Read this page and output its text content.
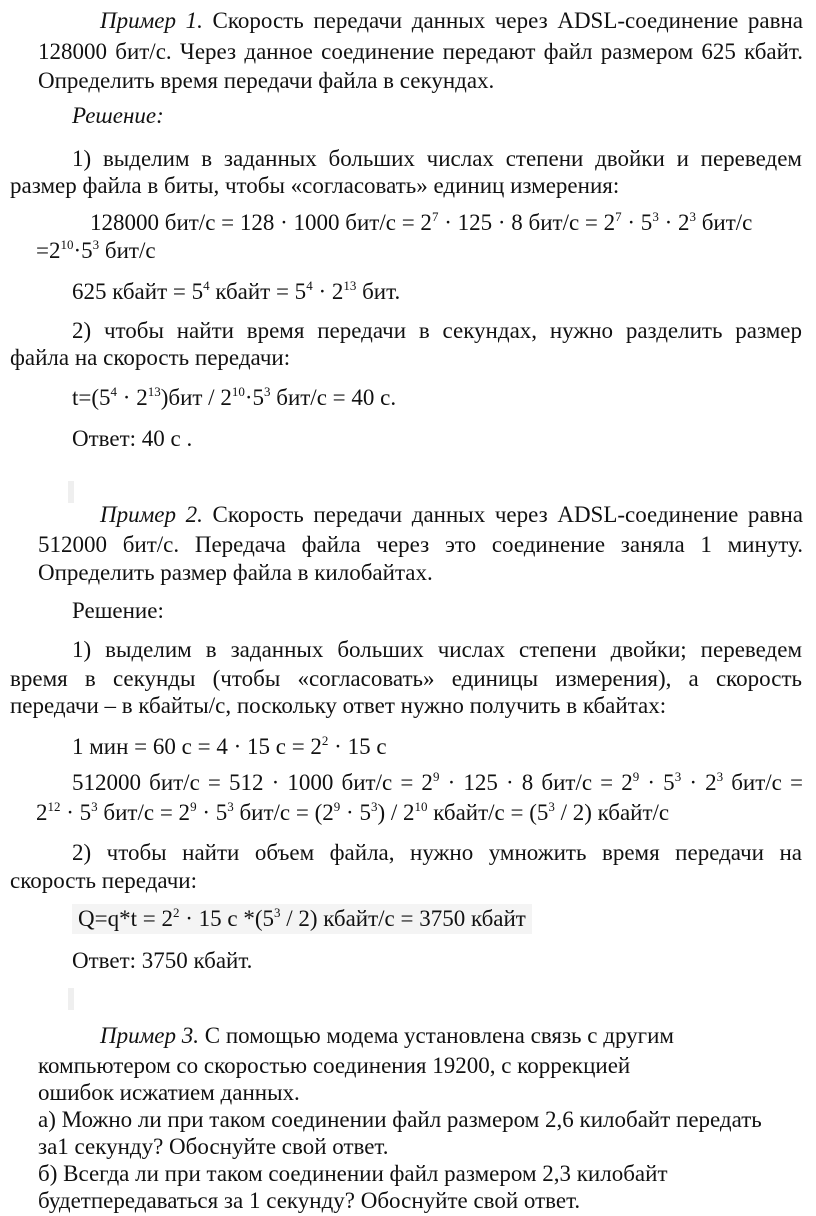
Пример 1. Скорость передачи данных через ADSL-соединение равна
128000 бит/с. Через данное соединение передают файл размером 625 кбайт.
Определить время передачи файла в секундах.
Решение:
1) выделим в заданных больших числах степени двойки и переведем
размер файла в биты, чтобы «согласовать» единиц измерения:
128000 бит/с = 128 · 1000 $бит/с = 2^7 \cdot 125 \cdot 8$ $бит/с = 2^7 \cdot 5^3 \cdot 2^3$ бит/с
$=2^{10}\cdot 5^3$ бит/с
625 кбайт = $5^4$ кбайт = $5^4 \cdot 2^{13}$ бит.
2) чтобы найти время передачи в секундах, нужно разделить размер
файла на скорость передачи:
$t=(5^4 \cdot 2^{13})бит / 2^{10}\cdot 5^3$ бит/с = 40 с.
Ответ: 40 с .
Пример 2. Скорость передачи данных через ADSL-соединение равна
512000 бит/с. Передача файла через это соединение заняла 1 минуту.
Определить размер файла в килобайтах.
Решение:
1) выделим в заданных больших числах степени двойки; переведем
время в секунды (чтобы «согласовать» единицы измерения), а скорость
передачи – в кбайты/с, поскольку ответ нужно получить в кбайтах:
1 мин = 60 с = 4 · 15 $с = 2^2 \cdot 15$ с
512000 бит/с = 512 · 1000 $бит/с = 2^9 \cdot 125 \cdot 8$ $бит/с = 2^9 \cdot 5^3 \cdot 2^3$ бит/с =
$2^{12} \cdot 5^3$ $бит/с = 2^9 \cdot 5^3$ $бит/с = (2^9 \cdot 5^3) / 2^{10}$ кбайт/с = $(5^3 / 2)$ кбайт/с
2) чтобы найти объем файла, нужно умножить время передачи на
скорость передачи:
$Q=q*t = 2^2 \cdot 15$ с $*(5^3 / 2)$ кбайт/с = 3750 кбайт
Ответ: 3750 кбайт.
Пример 3. С помощью модема установлена связь с другим
компьютером со скоростью соединения 19200, с коррекцией
ошибок исжатием данных.
а) Можно ли при таком соединении файл размером 2,6 килобайт передать
за1 секунду? Обоснуйте свой ответ.
б) Всегда ли при таком соединении файл размером 2,3 килобайт
будетпередаваться за 1 секунду? Обоснуйте свой ответ.
